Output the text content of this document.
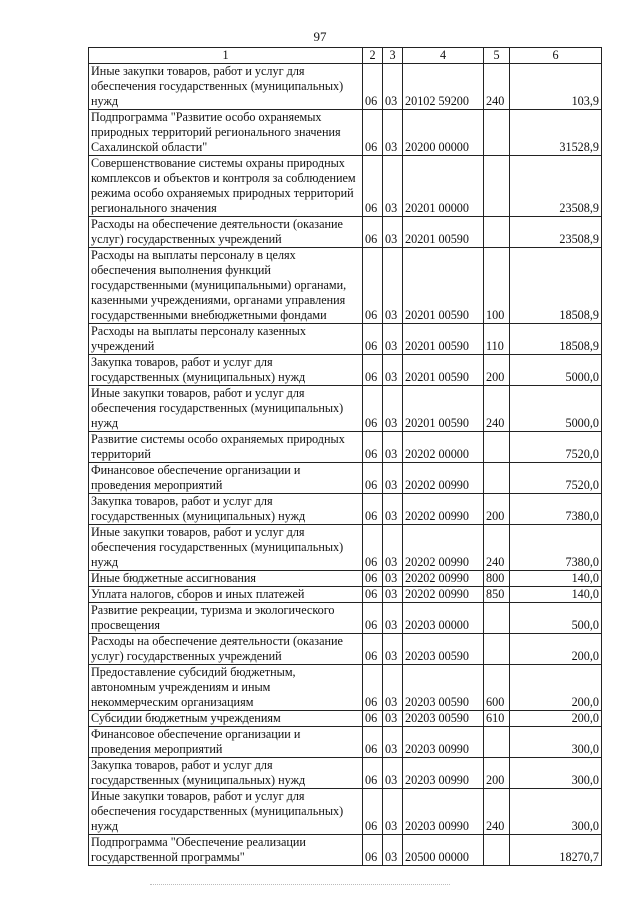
97
1	2	3	4	5	6
Иные закупки товаров, работ и услуг для
обеспечения государственных (муниципальных)
нужд	06	03	20102 59200	240	103,9
Подпрограмма "Развитие особо охраняемых
природных территорий регионального значения
Сахалинской области"	06	03	20200 00000		31528,9
Совершенствование системы охраны природных
комплексов и объектов и контроля за соблюдением
режима особо охраняемых природных территорий
регионального значения	06	03	20201 00000		23508,9
Расходы на обеспечение деятельности (оказание
услуг) государственных учреждений	06	03	20201 00590		23508,9
Расходы на выплаты персоналу в целях
обеспечения выполнения функций
государственными (муниципальными) органами,
казенными учреждениями, органами управления
государственными внебюджетными фондами	06	03	20201 00590	100	18508,9
Расходы на выплаты персоналу казенных
учреждений	06	03	20201 00590	110	18508,9
Закупка товаров, работ и услуг для
государственных (муниципальных) нужд	06	03	20201 00590	200	5000,0
Иные закупки товаров, работ и услуг для
обеспечения государственных (муниципальных)
нужд	06	03	20201 00590	240	5000,0
Развитие системы особо охраняемых природных
территорий	06	03	20202 00000		7520,0
Финансовое обеспечение организации и
проведения мероприятий	06	03	20202 00990		7520,0
Закупка товаров, работ и услуг для
государственных (муниципальных) нужд	06	03	20202 00990	200	7380,0
Иные закупки товаров, работ и услуг для
обеспечения государственных (муниципальных)
нужд	06	03	20202 00990	240	7380,0
Иные бюджетные ассигнования	06	03	20202 00990	800	140,0
Уплата налогов, сборов и иных платежей	06	03	20202 00990	850	140,0
Развитие рекреации, туризма и экологического
просвещения	06	03	20203 00000		500,0
Расходы на обеспечение деятельности (оказание
услуг) государственных учреждений	06	03	20203 00590		200,0
Предоставление субсидий бюджетным,
автономным учреждениям и иным
некоммерческим организациям	06	03	20203 00590	600	200,0
Субсидии бюджетным учреждениям	06	03	20203 00590	610	200,0
Финансовое обеспечение организации и
проведения мероприятий	06	03	20203 00990		300,0
Закупка товаров, работ и услуг для
государственных (муниципальных) нужд	06	03	20203 00990	200	300,0
Иные закупки товаров, работ и услуг для
обеспечения государственных (муниципальных)
нужд	06	03	20203 00990	240	300,0
Подпрограмма "Обеспечение реализации
государственной программы"	06	03	20500 00000		18270,7
